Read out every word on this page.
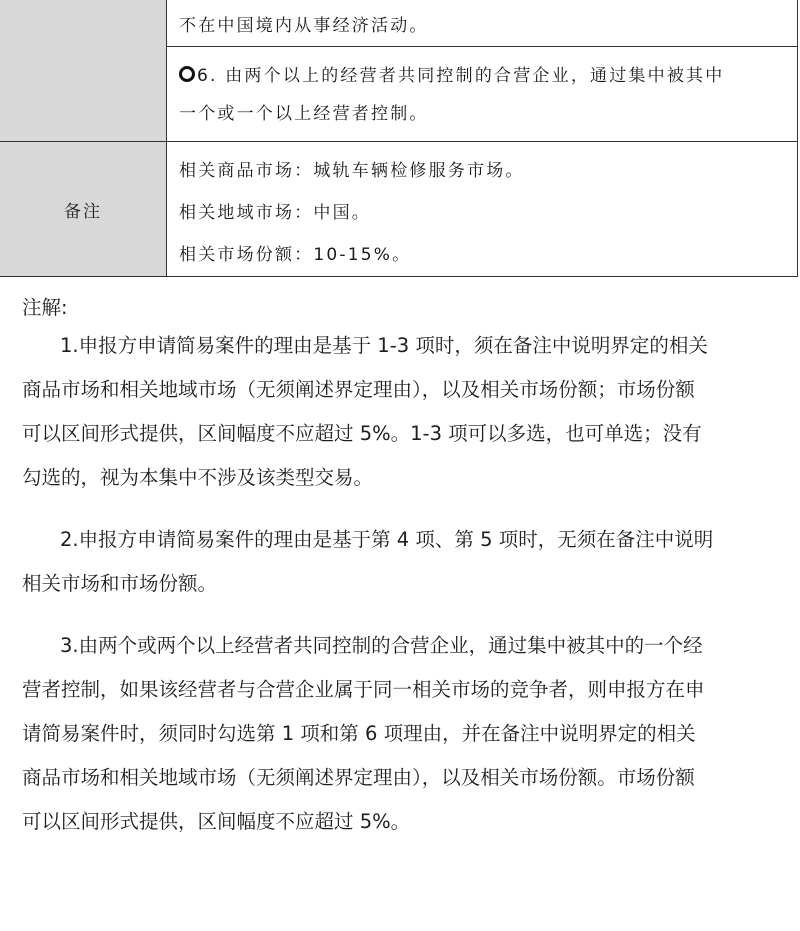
不在中国境内从事经济活动。
6. 由两个以上的经营者共同控制的合营企业，通过集中被其中
一个或一个以上经营者控制。
备注
相关商品市场：城轨车辆检修服务市场。
相关地域市场：中国。
相关市场份额：10-15%。
注解:

1.申报方申请简易案件的理由是基于 1-3 项时，须在备注中说明界定的相关
商品市场和相关地域市场（无须阐述界定理由），以及相关市场份额；市场份额
可以区间形式提供，区间幅度不应超过 5%。1-3 项可以多选，也可单选；没有
勾选的，视为本集中不涉及该类型交易。

2.申报方申请简易案件的理由是基于第 4 项、第 5 项时，无须在备注中说明
相关市场和市场份额。

3.由两个或两个以上经营者共同控制的合营企业，通过集中被其中的一个经
营者控制，如果该经营者与合营企业属于同一相关市场的竞争者，则申报方在申
请简易案件时，须同时勾选第 1 项和第 6 项理由，并在备注中说明界定的相关
商品市场和相关地域市场（无须阐述界定理由），以及相关市场份额。市场份额
可以区间形式提供，区间幅度不应超过 5%。
